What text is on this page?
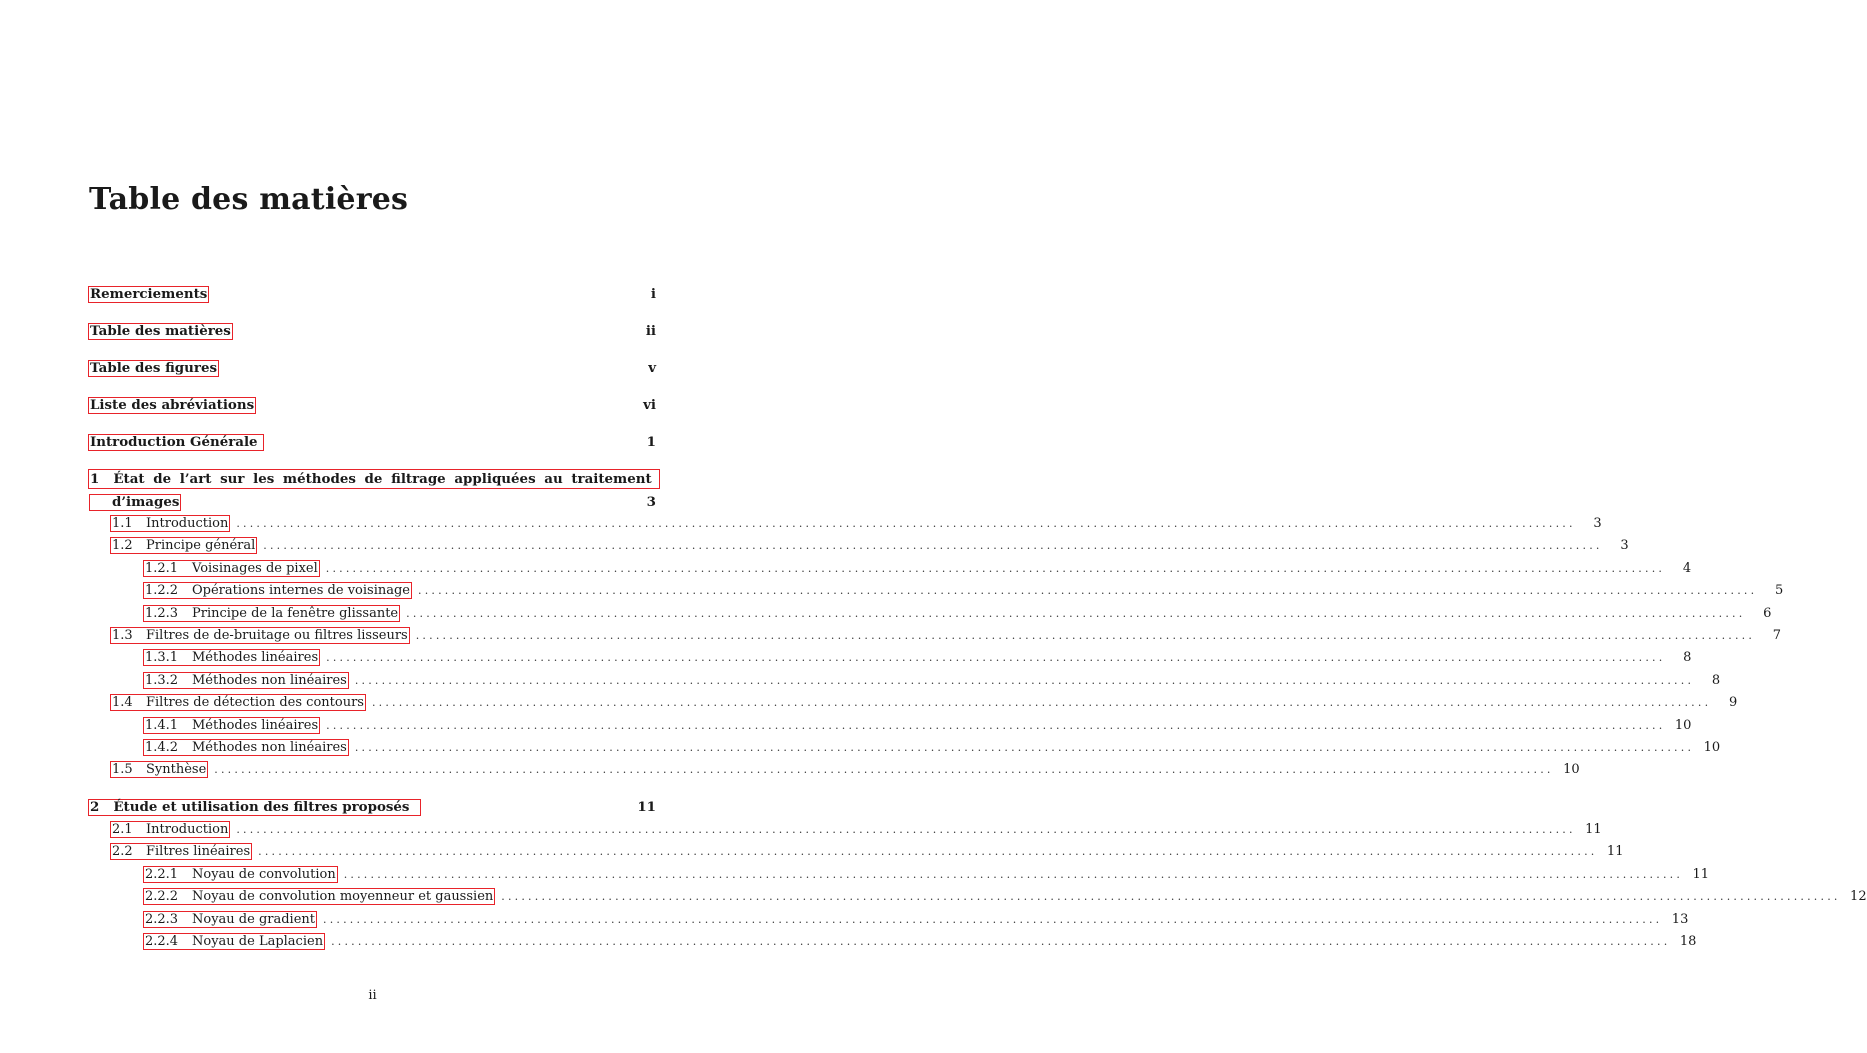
Table des matières
Remerciements	i
Table des matières	ii
Table des figures	v
Liste des abréviations	vi
Introduction Générale	1
1 État de l’art sur les méthodes de filtrage appliquées au traitement
d’images	3
1.1 Introduction ........................................................................................................................................................................................................	3
1.2 Principe général ........................................................................................................................................................................................................	3
1.2.1 Voisinages de pixel ........................................................................................................................................................................................................	4
1.2.2 Opérations internes de voisinage ........................................................................................................................................................................................................	5
1.2.3 Principe de la fenêtre glissante ........................................................................................................................................................................................................	6
1.3 Filtres de de-bruitage ou filtres lisseurs ........................................................................................................................................................................................................	7
1.3.1 Méthodes linéaires ........................................................................................................................................................................................................	8
1.3.2 Méthodes non linéaires ........................................................................................................................................................................................................	8
1.4 Filtres de détection des contours ........................................................................................................................................................................................................	9
1.4.1 Méthodes linéaires ........................................................................................................................................................................................................ 10
1.4.2 Méthodes non linéaires ........................................................................................................................................................................................................ 10
1.5 Synthèse ........................................................................................................................................................................................................ 10
2 Étude et utilisation des filtres proposés	11
2.1 Introduction ........................................................................................................................................................................................................ 11
2.2 Filtres linéaires ........................................................................................................................................................................................................ 11
2.2.1 Noyau de convolution ........................................................................................................................................................................................................ 11
2.2.2 Noyau de convolution moyenneur et gaussien ........................................................................................................................................................................................................ 12
2.2.3 Noyau de gradient ........................................................................................................................................................................................................ 13
2.2.4 Noyau de Laplacien ........................................................................................................................................................................................................ 18
ii
